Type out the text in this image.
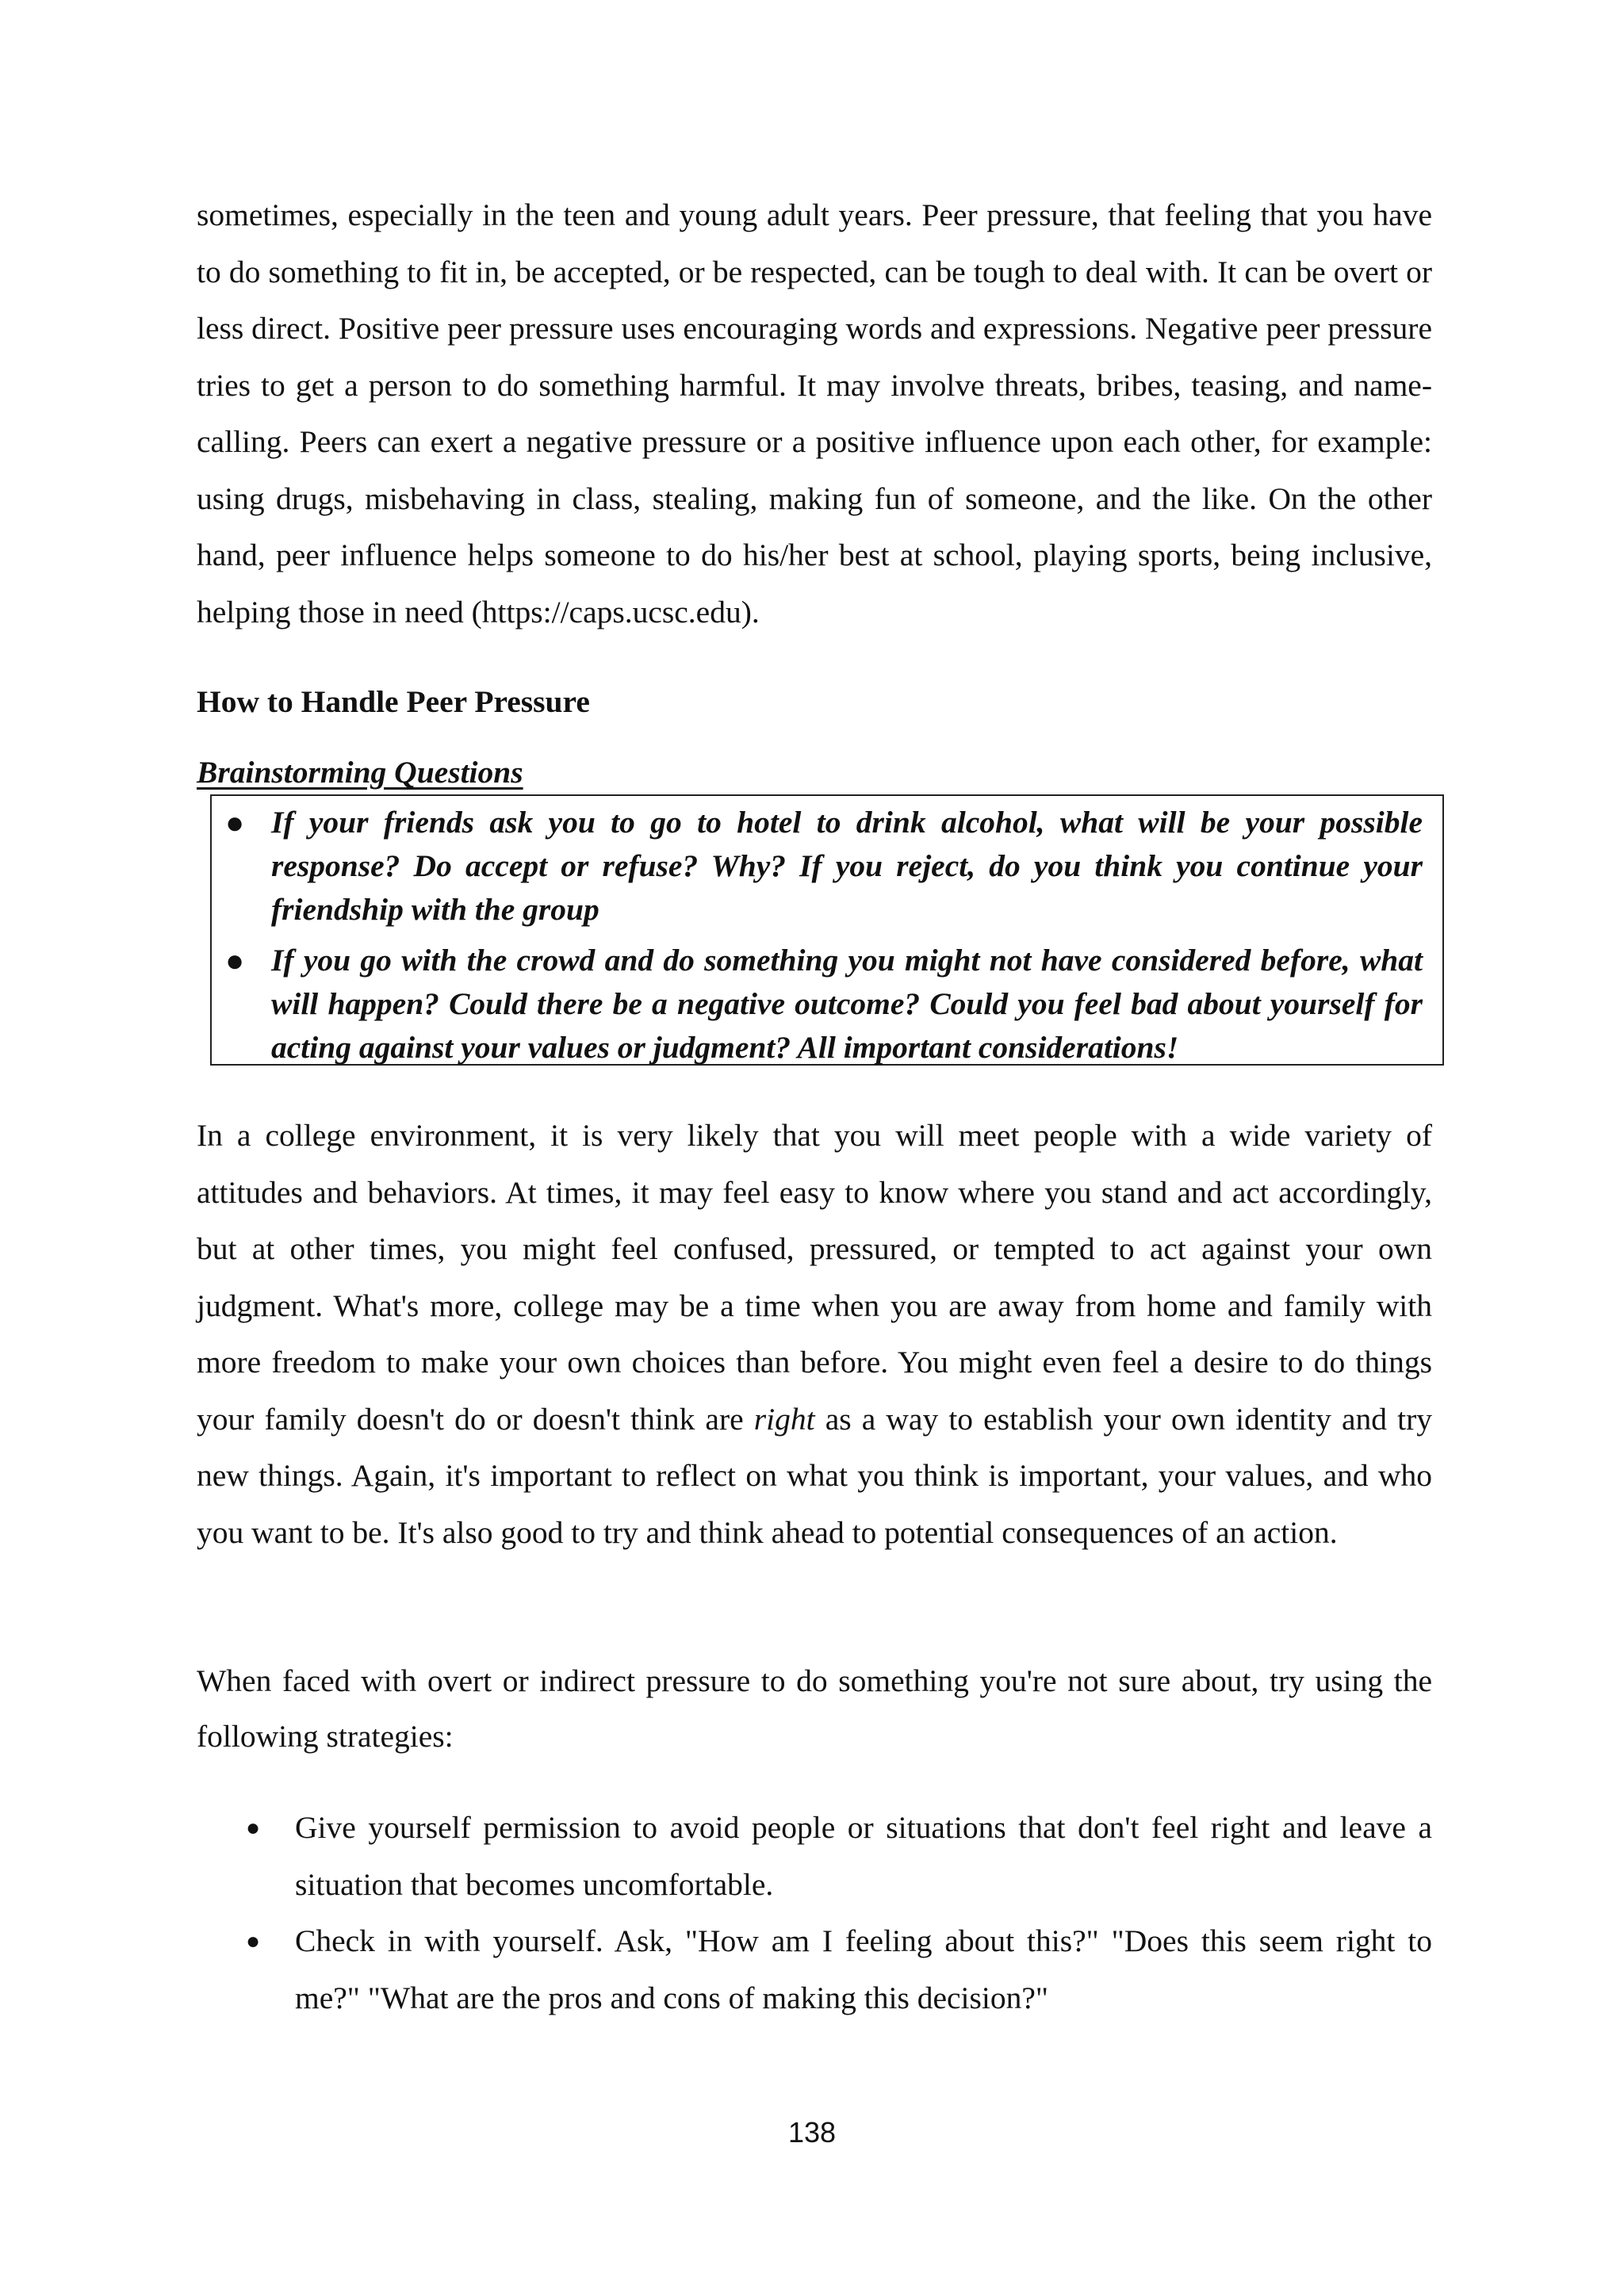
sometimes, especially in the teen and young adult years. Peer pressure, that feeling that you have to do something to fit in, be accepted, or be respected, can be tough to deal with. It can be overt or less direct. Positive peer pressure uses encouraging words and expressions. Negative peer pressure tries to get a person to do something harmful. It may involve threats, bribes, teasing, and name-calling. Peers can exert a negative pressure or a positive influence upon each other, for example: using drugs, misbehaving in class, stealing, making fun of someone, and the like. On the other hand, peer influence helps someone to do his/her best at school, playing sports, being inclusive, helping those in need (https://caps.ucsc.edu).

How to Handle Peer Pressure
Brainstorming Questions
● If your friends ask you to go to hotel to drink alcohol, what will be your possible response? Do accept or refuse? Why? If you reject, do you think you continue your friendship with the group
● If you go with the crowd and do something you might not have considered before, what will happen? Could there be a negative outcome? Could you feel bad about yourself for acting against your values or judgment? All important considerations!

In a college environment, it is very likely that you will meet people with a wide variety of attitudes and behaviors. At times, it may feel easy to know where you stand and act accordingly, but at other times, you might feel confused, pressured, or tempted to act against your own judgment. What's more, college may be a time when you are away from home and family with more freedom to make your own choices than before. You might even feel a desire to do things your family doesn't do or doesn't think are right as a way to establish your own identity and try new things. Again, it's important to reflect on what you think is important, your values, and who you want to be. It's also good to try and think ahead to potential consequences of an action.

When faced with overt or indirect pressure to do something you're not sure about, try using the following strategies:

● Give yourself permission to avoid people or situations that don't feel right and leave a situation that becomes uncomfortable.
● Check in with yourself. Ask, "How am I feeling about this?" "Does this seem right to me?" "What are the pros and cons of making this decision?"
138
